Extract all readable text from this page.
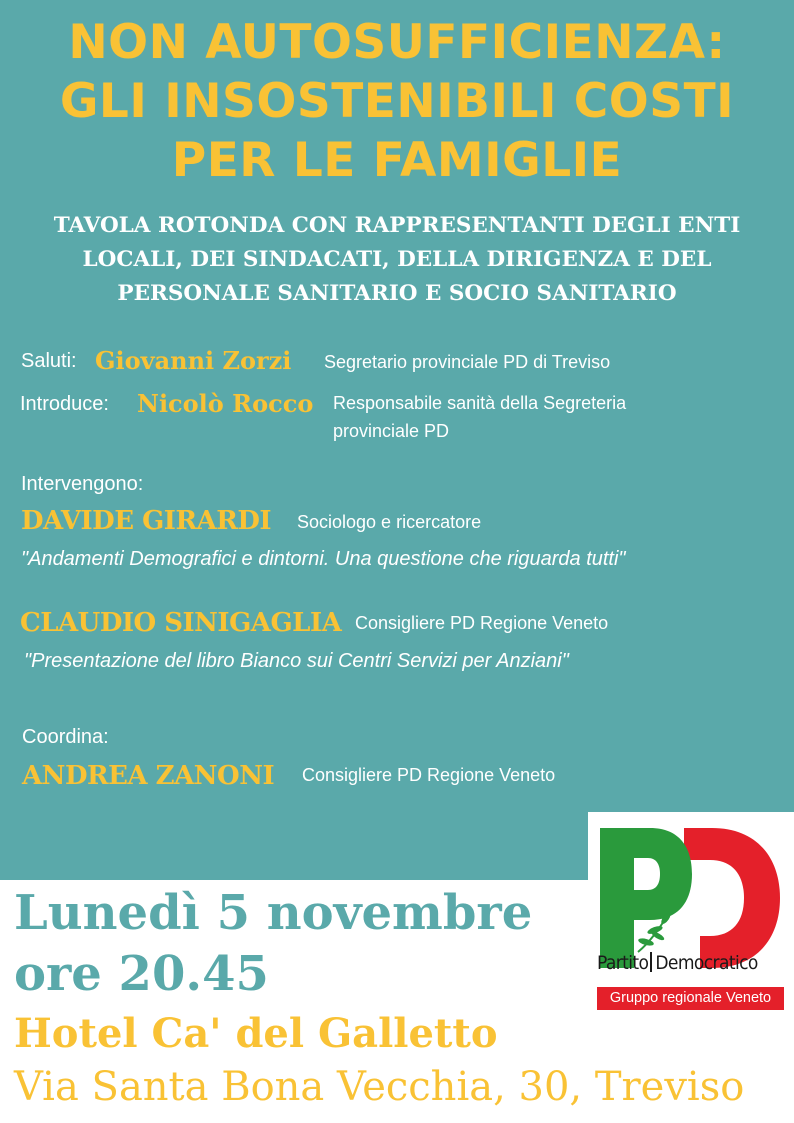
NON AUTOSUFFICIENZA:
GLI INSOSTENIBILI COSTI
PER LE FAMIGLIE
TAVOLA ROTONDA CON RAPPRESENTANTI DEGLI ENTI
LOCALI, DEI SINDACATI, DELLA DIRIGENZA E DEL
PERSONALE SANITARIO E SOCIO SANITARIO
Saluti: Giovanni Zorzi Segretario provinciale PD di Treviso
Introduce: Nicolò Rocco Responsabile sanità della Segreteria
provinciale PD
Intervengono:
DAVIDE GIRARDI Sociologo e ricercatore
"Andamenti Demografici e dintorni. Una questione che riguarda tutti"
CLAUDIO SINIGAGLIA Consigliere PD Regione Veneto
"Presentazione del libro Bianco sui Centri Servizi per Anziani"
Coordina:
ANDREA ZANONI Consigliere PD Regione Veneto
Lunedì 5 novembre
ore 20.45
Hotel Ca' del Galletto
Via Santa Bona Vecchia, 30, Treviso
Partito Democratico
Gruppo regionale Veneto
